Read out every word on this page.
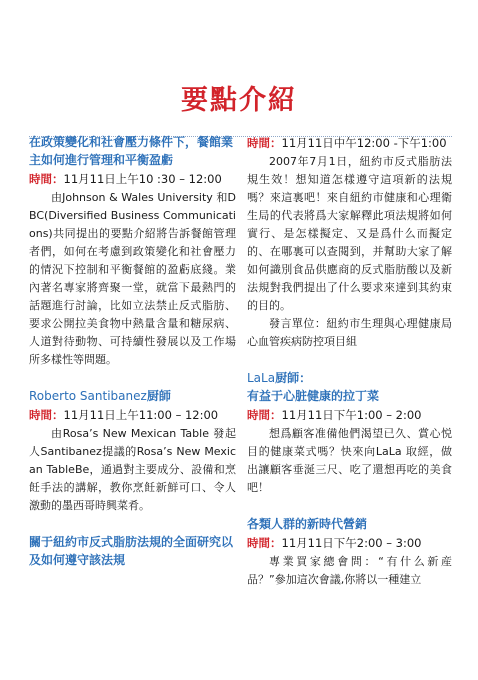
要點介紹

在政策變化和社會壓力條件下，餐館業主如何進行管理和平衡盈虧

時間：11月11日上午10 :30 – 12:00

由Johnson & Wales University 和DBC(Diversified Business Communications)共同提出的要點介紹將告訴餐館管理者們，如何在考慮到政策變化和社會壓力的情況下控制和平衡餐館的盈虧底綫。業內著名專家將齊聚一堂，就當下最熱門的話題進行討論，比如立法禁止反式脂肪、要求公開拉美食物中熱量含量和糖尿病、人道對待動物、可持續性發展以及工作場所多樣性等問題。

Roberto Santibanez厨師

時間：11月11日上午11:00 – 12:00

由Rosa’s New Mexican Table 發起人Santibanez提議的Rosa’s New Mexican TableBe，通過對主要成分、設備和烹飪手法的講解，教你烹飪新鮮可口、令人激動的墨西哥時興菜肴。

關于紐約市反式脂肪法規的全面研究以及如何遵守該法規

時間：11月11日中午12:00 -下午1:00

2007年7月1日，紐約市反式脂肪法規生效！想知道怎樣遵守這項新的法規嗎？來這裏吧！來自紐約市健康和心理衛生局的代表將爲大家解釋此項法規將如何實行、是怎樣擬定、又是爲什么而擬定的、在哪裏可以查閱到，并幫助大家了解如何識別食品供應商的反式脂肪酸以及新法規對我們提出了什么要求來達到其約束的目的。

發言單位：紐約市生理與心理健康局心血管疾病防控項目組

LaLa厨師：

有益于心脏健康的拉丁菜

時間：11月11日下午1:00 – 2:00

想爲顧客准備他們渴望已久、賞心悦目的健康菜式嗎？快來向LaLa 取經，做出讓顧客垂涎三尺、吃了還想再吃的美食吧！

各類人群的新時代營銷

時間：11月11日下午2:00 – 3:00

專業買家總會問：“有什么新産品？”參加這次會議,你將以一種建立
